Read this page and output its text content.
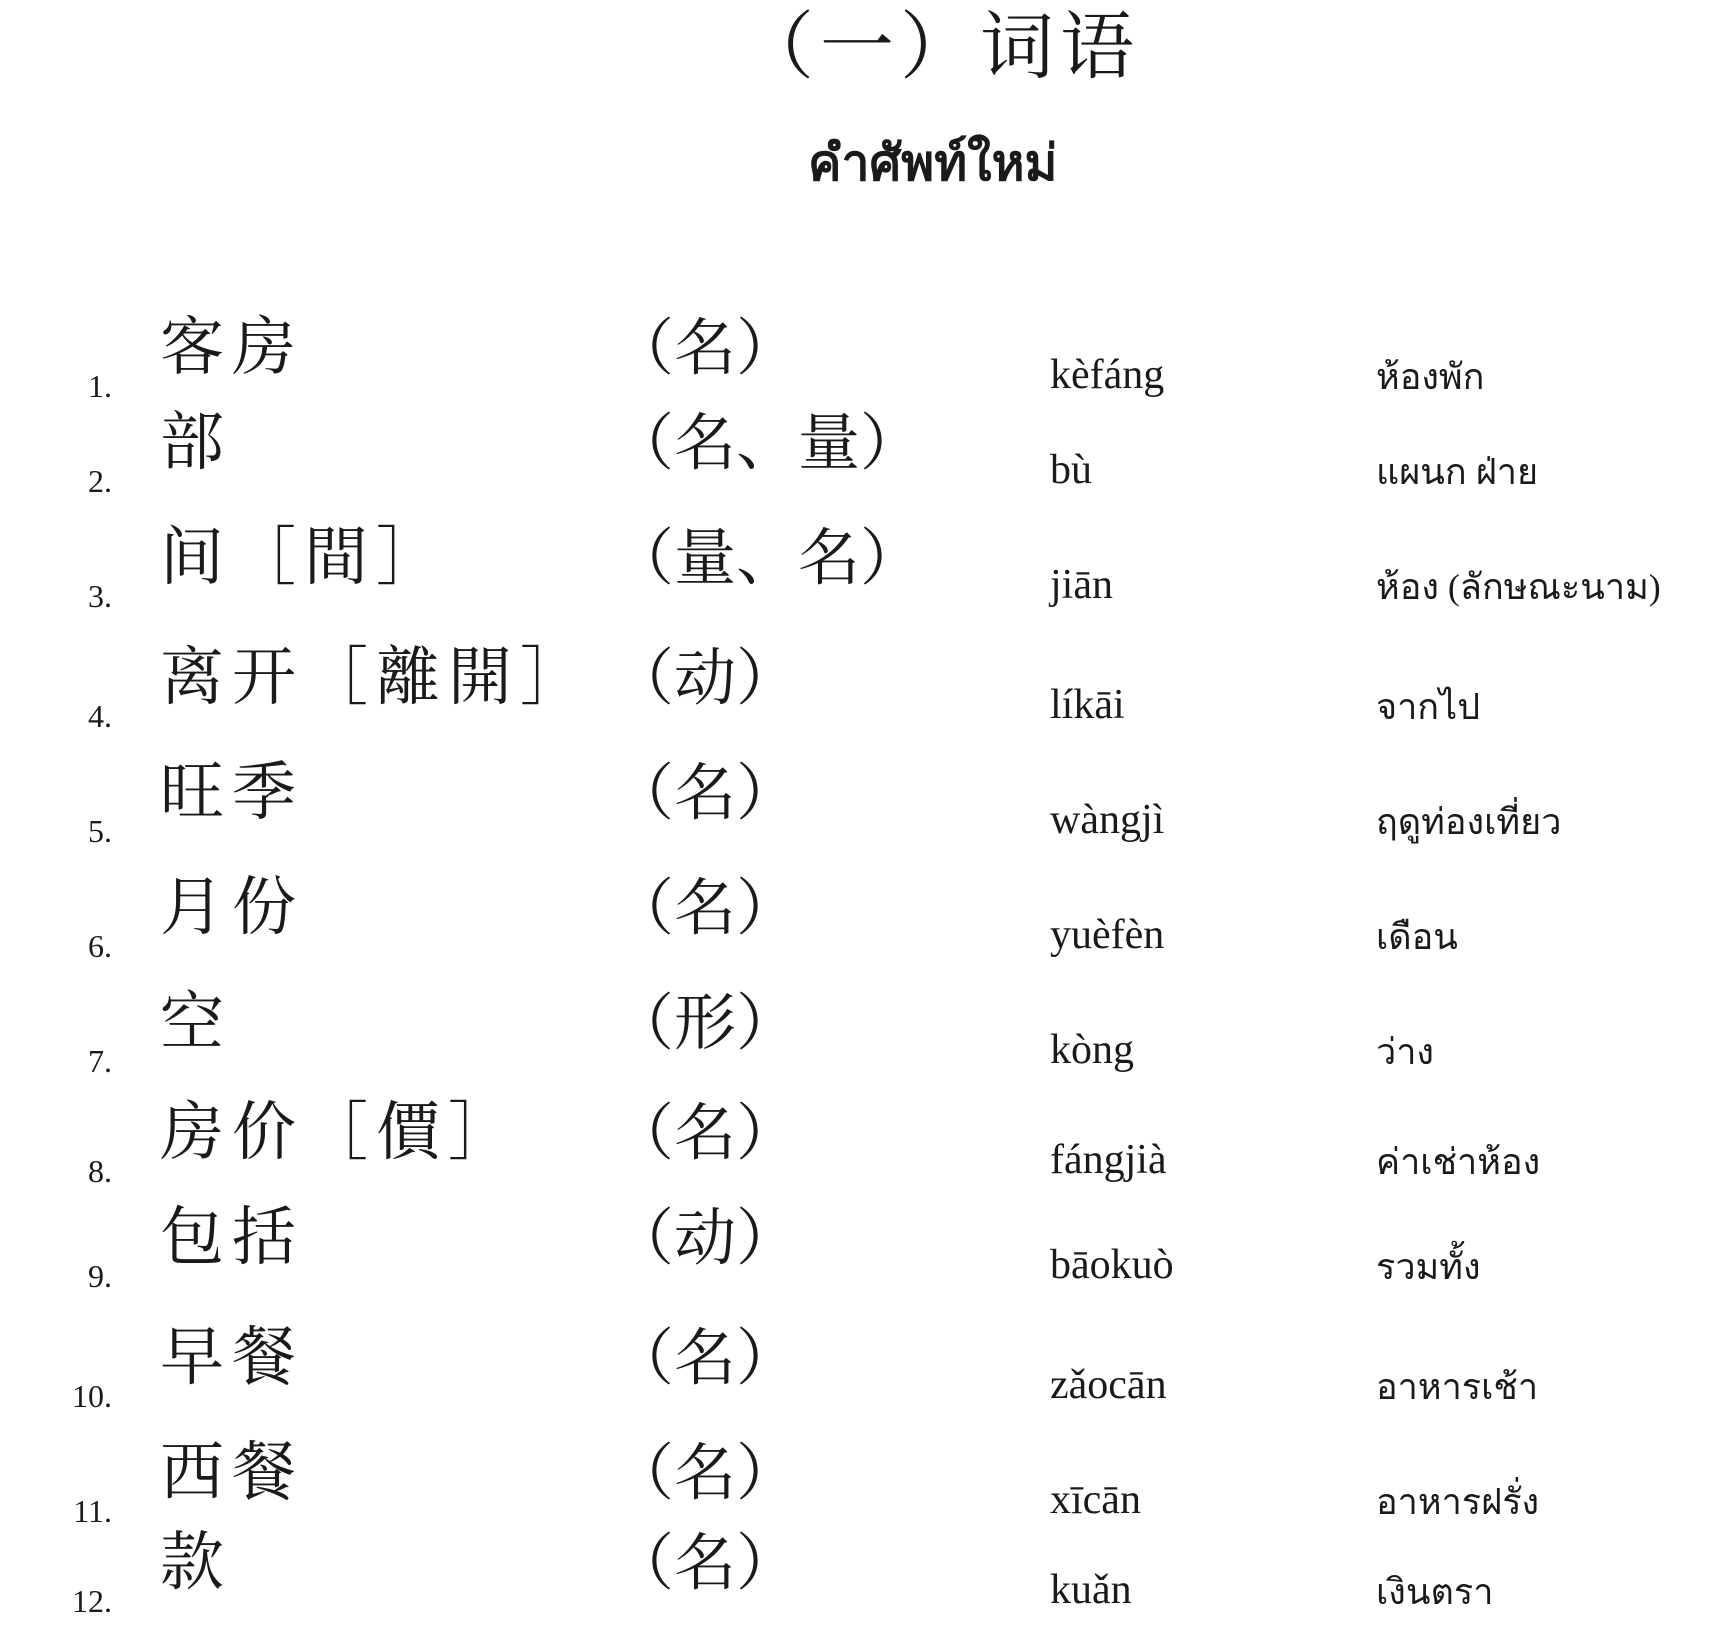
（一）词语
คำศัพท์ใหม่
1.
客房	（名）	kèfáng	ห้องพัก
2.
部	（名、量）	bù	แผนก ฝ่าย
3.
间［間］	（量、名）	jiān	ห้อง (ลักษณะนาม)
4.
离开［離開］ （动）	líkāi	จากไป
5.
旺季	（名）	wàngjì	ฤดูท่องเที่ยว
6.
月份	（名）	yuèfèn	เดือน
7.
空	（形）	kòng	ว่าง
8.
房价［價］ （名）	fángjià	ค่าเช่าห้อง
9.
包括	（动）	bāokuò	รวมทั้ง
10.
早餐	（名）	zǎocān	อาหารเช้า
11.
西餐	（名）	xīcān	อาหารฝรั่ง
12.
款	（名）	kuǎn	เงินตรา
